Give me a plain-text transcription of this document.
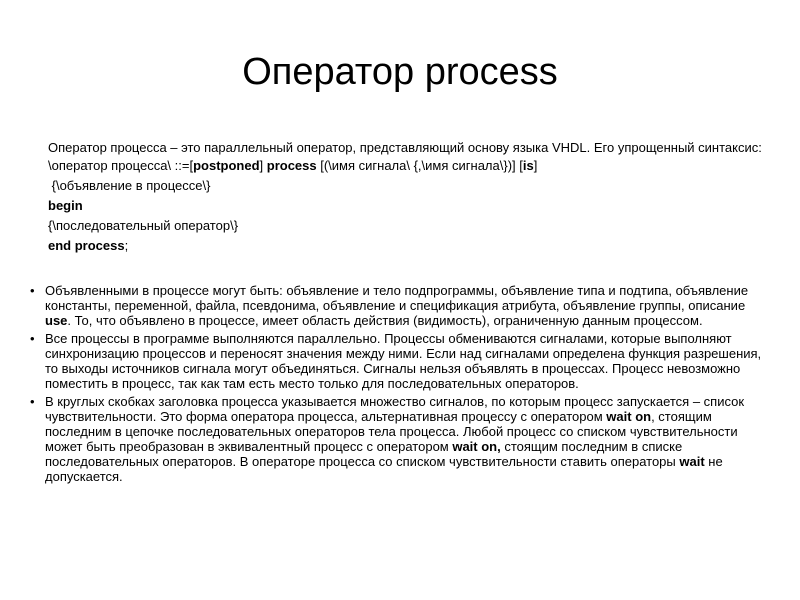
Оператор process

Оператор процесса – это параллельный оператор, представляющий основу языка VHDL. Его упрощенный синтаксис:

\оператор процесса\ ::=[postponed] process [(\имя сигнала\ {,\имя сигнала\})] [is]

{\объявление в процессе\}

begin

{\последовательный оператор\}

end process;

• Объявленными в процессе могут быть: объявление и тело подпрограммы, объявление типа и подтипа, объявление константы, переменной, файла, псевдонима, объявление и спецификация атрибута, объявление группы, описание use. То, что объявлено в процессе, имеет область действия (видимость), ограниченную данным процессом.
• Все процессы в программе выполняются параллельно. Процессы обмениваются сигналами, которые выполняют синхронизацию процессов и переносят значения между ними. Если над сигналами определена функция разрешения, то выходы источников сигнала могут объединяться. Сигналы нельзя объявлять в процессах. Процесс невозможно поместить в процесс, так как там есть место только для последовательных операторов.
• В круглых скобках заголовка процесса указывается множество сигналов, по которым процесс запускается – список чувствительности. Это форма оператора процесса, альтернативная процессу с оператором wait on, стоящим последним в цепочке последовательных операторов тела процесса. Любой процесс со списком чувствительности может быть преобразован в эквивалентный процесс с оператором wait on, стоящим последним в списке последовательных операторов. В операторе процесса со списком чувствительности ставить операторы wait не допускается.
